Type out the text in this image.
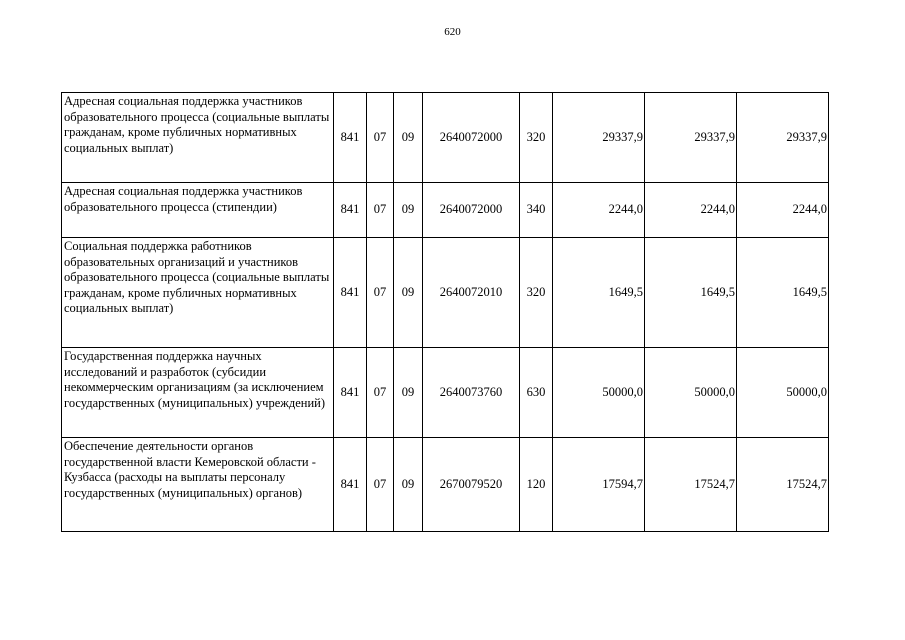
620
Адресная социальная поддержка участников образовательного процесса (социальные выплаты гражданам, кроме публичных нормативных социальных выплат)	841	07	09	2640072000	320	29337,9	29337,9	29337,9
Адресная социальная поддержка участников образовательного процесса (стипендии)	841	07	09	2640072000	340	2244,0	2244,0	2244,0
Социальная поддержка работников образовательных организаций и участников образовательного процесса (социальные выплаты гражданам, кроме публичных нормативных социальных выплат)	841	07	09	2640072010	320	1649,5	1649,5	1649,5
Государственная поддержка научных исследований и разработок (субсидии некоммерческим организациям (за исключением государственных (муниципальных) учреждений)	841	07	09	2640073760	630	50000,0	50000,0	50000,0
Обеспечение деятельности органов государственной власти Кемеровской области - Кузбасса (расходы на выплаты персоналу государственных (муниципальных) органов)	841	07	09	2670079520	120	17594,7	17524,7	17524,7
